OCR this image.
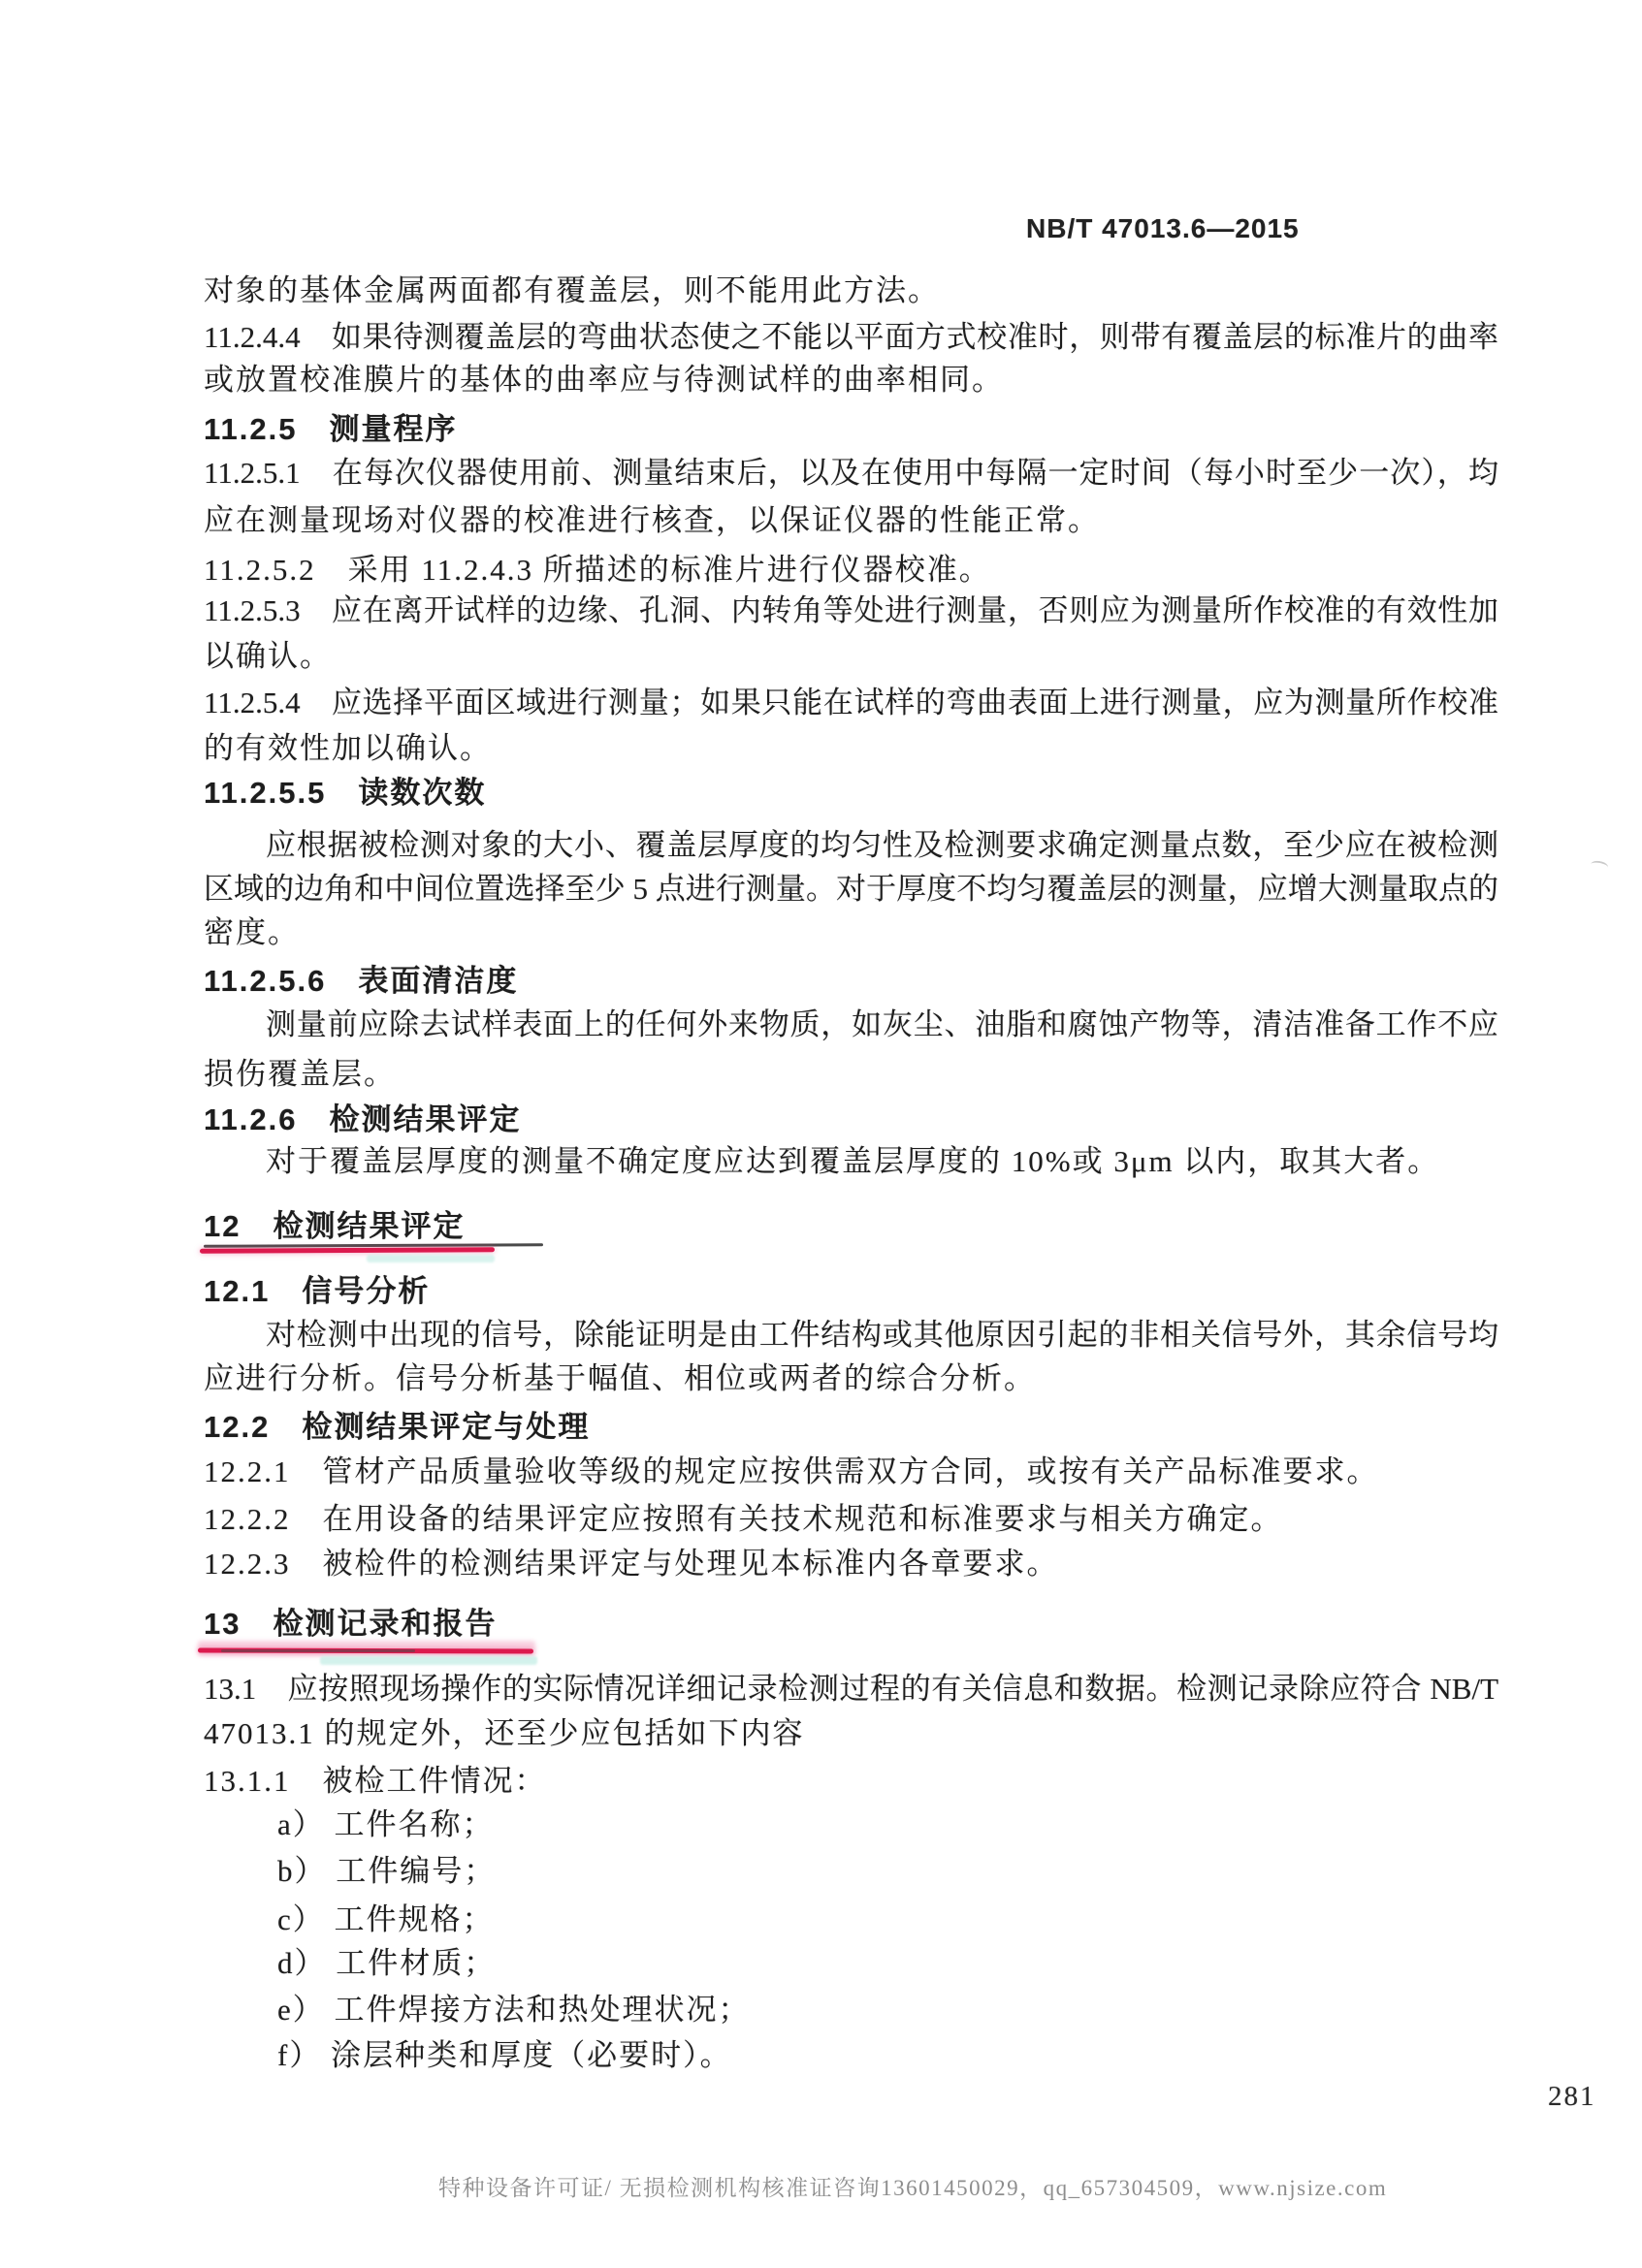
NB/T 47013.6—2015
对象的基体金属两面都有覆盖层，则不能用此方法。
11.2.4.4　如果待测覆盖层的弯曲状态使之不能以平面方式校准时，则带有覆盖层的标准片的曲率
或放置校准膜片的基体的曲率应与待测试样的曲率相同。
11.2.5　测量程序
11.2.5.1　在每次仪器使用前、测量结束后，以及在使用中每隔一定时间（每小时至少一次），均
应在测量现场对仪器的校准进行核查，以保证仪器的性能正常。
11.2.5.2　采用 11.2.4.3 所描述的标准片进行仪器校准。
11.2.5.3　应在离开试样的边缘、孔洞、内转角等处进行测量，否则应为测量所作校准的有效性加
以确认。
11.2.5.4　应选择平面区域进行测量；如果只能在试样的弯曲表面上进行测量，应为测量所作校准
的有效性加以确认。
11.2.5.5　读数次数
应根据被检测对象的大小、覆盖层厚度的均匀性及检测要求确定测量点数，至少应在被检测
区域的边角和中间位置选择至少 5 点进行测量。对于厚度不均匀覆盖层的测量，应增大测量取点的
密度。
11.2.5.6　表面清洁度
测量前应除去试样表面上的任何外来物质，如灰尘、油脂和腐蚀产物等，清洁准备工作不应
损伤覆盖层。
11.2.6　检测结果评定
对于覆盖层厚度的测量不确定度应达到覆盖层厚度的 10%或 3μm 以内，取其大者。
12　检测结果评定
12.1　信号分析
对检测中出现的信号，除能证明是由工件结构或其他原因引起的非相关信号外，其余信号均
应进行分析。信号分析基于幅值、相位或两者的综合分析。
12.2　检测结果评定与处理
12.2.1　管材产品质量验收等级的规定应按供需双方合同，或按有关产品标准要求。
12.2.2　在用设备的结果评定应按照有关技术规范和标准要求与相关方确定。
12.2.3　被检件的检测结果评定与处理见本标准内各章要求。
13　检测记录和报告
13.1　应按照现场操作的实际情况详细记录检测过程的有关信息和数据。检测记录除应符合 NB/T
47013.1 的规定外，还至少应包括如下内容
13.1.1　被检工件情况：
a） 工件名称；
b） 工件编号；
c） 工件规格；
d） 工件材质；
e） 工件焊接方法和热处理状况；
f） 涂层种类和厚度（必要时）。
281
特种设备许可证/ 无损检测机构核准证咨询13601450029，qq_657304509，www.njsize.com
